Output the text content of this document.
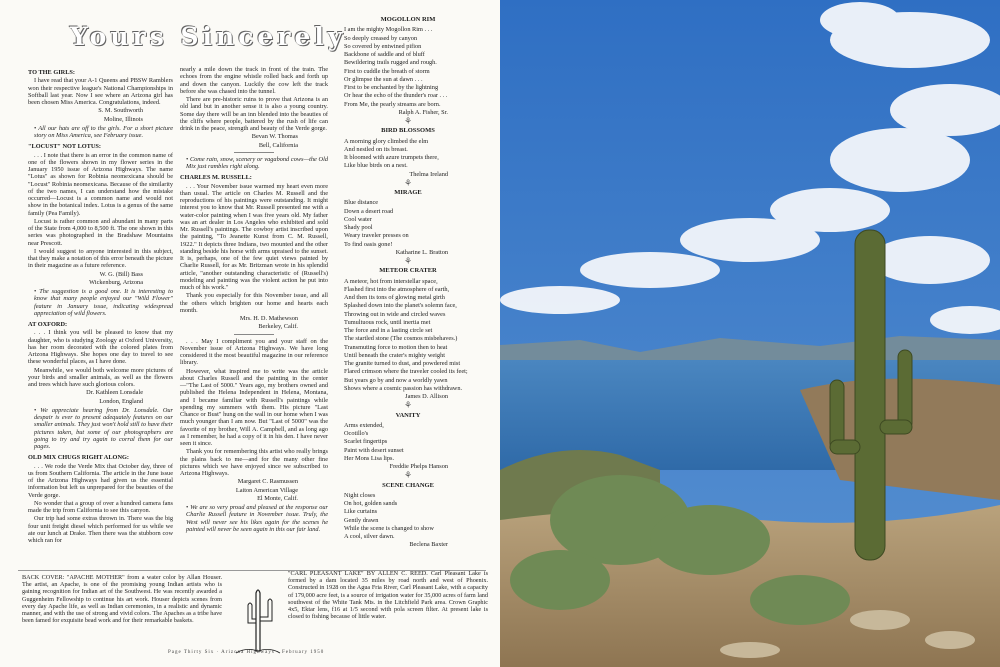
Yours Sincerely

TO THE GIRLS:

I have read that your A-1 Queens and PBSW Ramblers won their respective league's National Championships in Softball last year. Now I see where an Arizona girl has been chosen Miss America. Congratulations, indeed.

S. M. Southworth

Moline, Illinois

• All our hats are off to the girls. For a short picture story on Miss America, see February issue.

"LOCUST" NOT LOTUS:

. . . I note that there is an error in the common name of one of the flowers shown in my flower series in the January 1950 issue of Arizona Highways. The name "Lotus" as shown for Robinia neomexicana should be "Locust" Robinia neomexicana. Because of the similarity of the two names, I can understand how the mistake occurred—Locust is a common name and would not show in the botanical index. Lotus is a genus of the same family (Pea Family).

Locust is rather common and abundant in many parts of the State from 4,000 to 8,500 ft. The one shown in this series was photographed in the Bradshaw Mountains near Prescott.

I would suggest to anyone interested in this subject, that they make a notation of this error beneath the picture in their magazine as a future reference.

W. G. (Bill) Bass

Wickenburg, Arizona

• The suggestion is a good one. It is interesting to know that many people enjoyed our "Wild Flower" feature in January issue, indicating widespread appreciation of wild flowers.

AT OXFORD:

. . . I think you will be pleased to know that my daughter, who is studying Zoology at Oxford University, has her room decorated with the colored plates from Arizona Highways. She hopes one day to travel to see these wonderful places, as I have done.

Meanwhile, we would both welcome more pictures of your birds and smaller animals, as well as the flowers and trees which have such glorious colors.

Dr. Kathleen Lonsdale

London, England

• We appreciate hearing from Dr. Lonsdale. Our despair is ever to present adequately features on our smaller animals. They just won't hold still to have their pictures taken, but some of our photographers are going to try and try again to corral them for our pages.

OLD MIX CHUGS RIGHT ALONG:

. . . We rode the Verde Mix that October day, three of us from Southern California. The article in the June issue of the Arizona Highways had given us the essential information but left us unprepared for the beauties of the Verde gorge.

No wonder that a group of over a hundred camera fans made the trip from California to see this canyon.

Our trip had some extras thrown in. There was the big four unit freight diesel which performed for us while we ate our lunch at Drake. Then there was the stubborn cow which ran for

nearly a mile down the track in front of the train. The echoes from the engine whistle rolled back and forth up and down the canyon. Luckily the cow left the track before she was chased into the tunnel.

There are pre-historic ruins to prove that Arizona is an old land but in another sense it is also a young country. Some day there will be an inn blended into the beauties of the cliffs where people, battered by the rush of life can drink in the peace, strength and beauty of the Verde gorge.

Bevan W. Thomas

Bell, California

• Come rain, snow, scenery or vagabond cows—the Old Mix just rambles right along.

CHARLES M. RUSSELL:

. . . Your November issue warmed my heart even more than usual. The article on Charles M. Russell and the reproductions of his paintings were outstanding. It might interest you to know that Mr. Russell presented me with a water-color painting when I was five years old. My father was an art dealer in Los Angeles who exhibited and sold Mr. Russell's paintings. The cowboy artist inscribed upon the painting, "To Jeanette Kunst from C. M. Russell, 1922." It depicts three Indians, two mounted and the other standing beside his horse with arms upraised to the sunset. It is, perhaps, one of the few quiet views painted by Charlie Russell, for as Mr. Britzman wrote in his splendid article, "another outstanding characteristic of (Russell's) modeling and painting was the violent action he put into much of his work."

Thank you especially for this November issue, and all the others which brighten our home and hearts each month.

Mrs. H. D. Mathewson

Berkeley, Calif.

. . . May I compliment you and your staff on the November issue of Arizona Highways. We have long considered it the most beautiful magazine in our reference library.

However, what inspired me to write was the article about Charles Russell and the painting in the center—"The Last of 5000." Years ago, my brothers owned and published the Helena Independent in Helena, Montana, and I became familiar with Russell's paintings while spending my summers with them. His picture "Last Chance or Bust" hung on the wall in our home when I was much younger than I am now. But "Last of 5000" was the favorite of my brother, Will A. Campbell, and as long ago as I remember, he had a copy of it in his den. I have never seen it since.

Thank you for remembering this artist who really brings the plains back to me—and for the many other fine pictures which we have enjoyed since we subscribed to Arizona Highways.

Margaret C. Rasmussen

Laiton American Village

El Monte, Calif.

• We are so very proud and pleased at the response our Charlie Russell feature in November issue. Truly, the West will never see his likes again for the scenes he painted will never be seen again in this our fair land.

MOGOLLON RIM

I am the mighty Mogollon Rim . . .

So deeply creased by canyon

So covered by entwined pifion

Backbone of saddle and of bluff

Bewildering trails rugged and rough.

First to cuddle the breath of storm

Or glimpse the sun at dawn . . .

First to be enchanted by the lightning

Or hear the echo of the thunder's roar . . .

From Me, the pearly streams are born.

Ralph A. Fisher, Sr.
⚘
BIRD BLOSSOMS

A morning glory climbed the elm

And nestled on its breast.

It bloomed with azure trumpets there,

Like blue birds on a nest.

Thelma Ireland
⚘
MIRAGE

Blue distance

Down a desert road

Cool water

Shady pool

Weary traveler presses on

To find oasis gone!

Katharine L. Bratton
⚘
METEOR CRATER

A meteor, hot from interstellar space,

Flashed first into the atmosphere of earth,

And then its tons of glowing metal girth

Splashed down into the planet's solemn face,

Throwing out in wide and circled waves

Tumultuous rock, until inertia met

The force and in a lasting circle set

The startled stone (The cosmos misbehaves.)

Transmuting force to motion then to heat

Until beneath the crater's mighty weight

The granite turned to dust, and powdered mist

Flared crimson where the traveler cooled its feet;

But years go by and now a worldly yawn

Shows where a cosmic passion has withdrawn.

James D. Allison
⚘
VANITY

Arms extended,

Ocotillo's

Scarlet fingertips

Paint with desert sunset

Her Mons Lisa lips.

Freddie Phelps Hanson
⚘
SCENE CHANGE

Night closes

On hot, golden sands

Like curtains

Gently drawn

While the scene is changed to show

A cool, silver dawn.

Beclena Baxter
BACK COVER: "APACHE MOTHER" from a water color by Allan Houser. The artist, an Apache, is one of the promising young Indian artists who is gaining recognition for Indian art of the Southwest. He was recently awarded a Guggenheim Fellowship to continue his art work. Houser depicts scenes from every day Apache life, as well as Indian ceremonies, in a realistic and dynamic manner, and with the use of strong and vivid colors. The Apaches as a tribe have been famed for exquisite bead work and for their remarkable baskets.
"CARL PLEASANT LAKE" BY ALLEN C. REED. Carl Pleasant Lake is formed by a dam located 35 miles by road north and west of Phoenix. Constructed in 1928 on the Agua Fria River, Carl Pleasant Lake, with a capacity of 179,000 acre feet, is a source of irrigation water for 35,000 acres of farm land southwest of the White Tank Mts. in the Litchfield Park area. Crown Graphic 4x5, Ektar lens, f16 at 1/5 second with pola screen filter. At present lake is closed to fishing because of little water.
Page Thirty Six · Arizona Highways · February 1950
